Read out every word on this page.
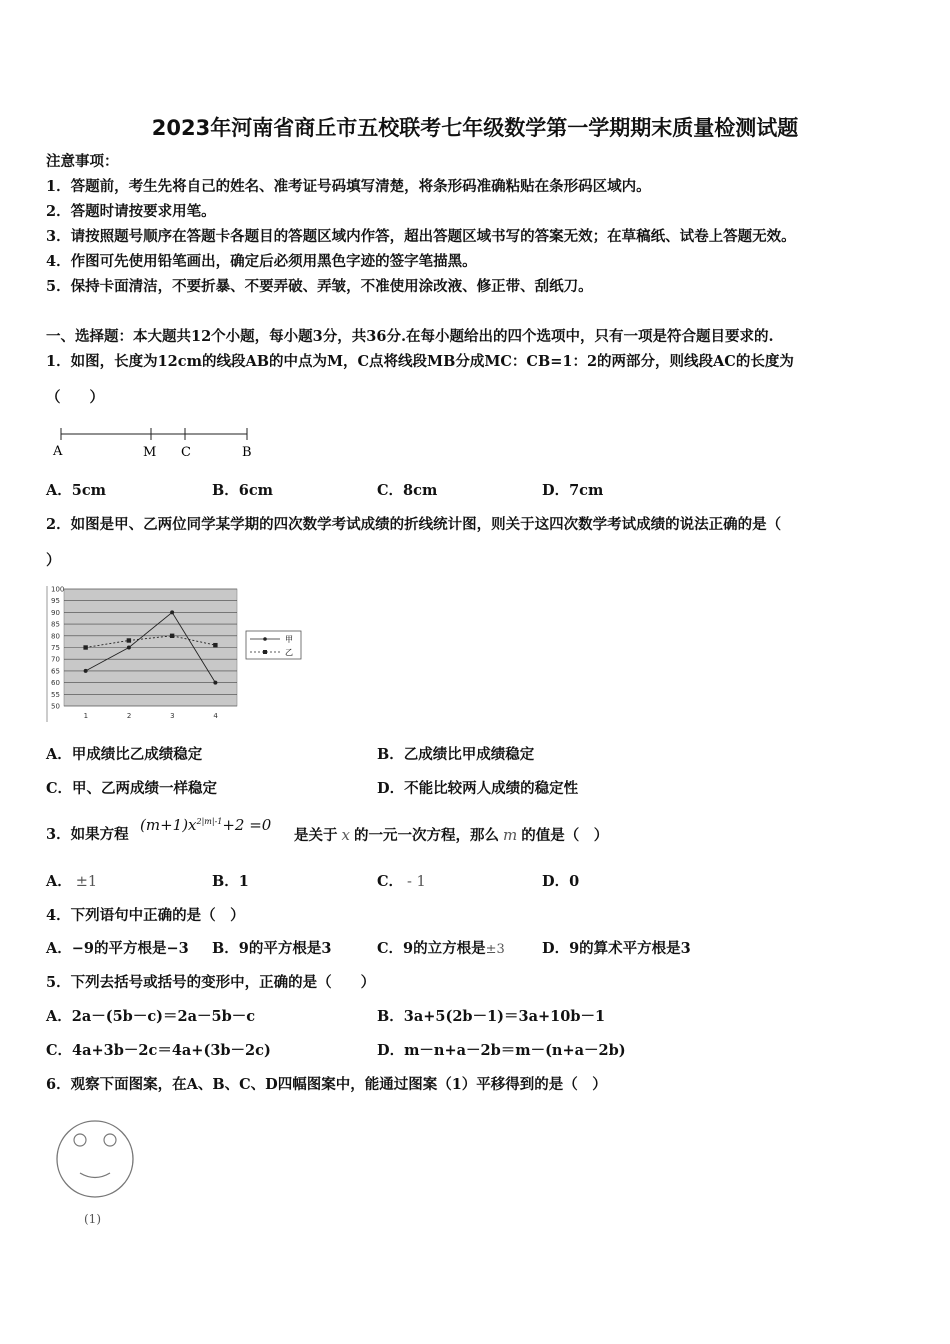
2023年河南省商丘市五校联考七年级数学第一学期期末质量检测试题
注意事项：
1．答题前，考生先将自己的姓名、准考证号码填写清楚，将条形码准确粘贴在条形码区域内。
2．答题时请按要求用笔。
3．请按照题号顺序在答题卡各题目的答题区域内作答，超出答题区域书写的答案无效；在草稿纸、试卷上答题无效。
4．作图可先使用铅笔画出，确定后必须用黑色字迹的签字笔描黑。
5．保持卡面清洁，不要折暴、不要弄破、弄皱，不准使用涂改液、修正带、刮纸刀。
一、选择题：本大题共12个小题，每小题3分，共36分.在每小题给出的四个选项中，只有一项是符合题目要求的.
1．如图，长度为12cm的线段AB的中点为M，C点将线段MB分成MC：CB=1：2的两部分，则线段AC的长度为
（　　）
A	M C	B
A．5cm	B．6cm	C．8cm	D．7cm
2．如图是甲、乙两位同学某学期的四次数学考试成绩的折线统计图，则关于这四次数学考试成绩的说法正确的是（
）
100
95
90
85
80
75
70
65
60
55
50
1	2	3	4
甲
乙
A．甲成绩比乙成绩稳定	B．乙成绩比甲成绩稳定
C．甲、乙两成绩一样稳定	D．不能比较两人成绩的稳定性
3．如果方程
$(m+1)x^{2|m|-1}+2 =0$
是关于 x 的一元一次方程，那么 m 的值是（　）
A． ±1	B．1	C． - 1	D．0
4．下列语句中正确的是（　）
A．−9的平方根是−3 B．9的平方根是3	C．9的立方根是±3	D．9的算术平方根是3
5．下列去括号或括号的变形中，正确的是（　　）
A．2a－(5b－c)＝2a－5b－c	B．3a+5(2b－1)＝3a+10b－1
C．4a+3b－2c＝4a+(3b－2c)	D．m－n+a－2b＝m－(n+a－2b)
6．观察下面图案，在A、B、C、D四幅图案中，能通过图案（1）平移得到的是（　）
(1)
